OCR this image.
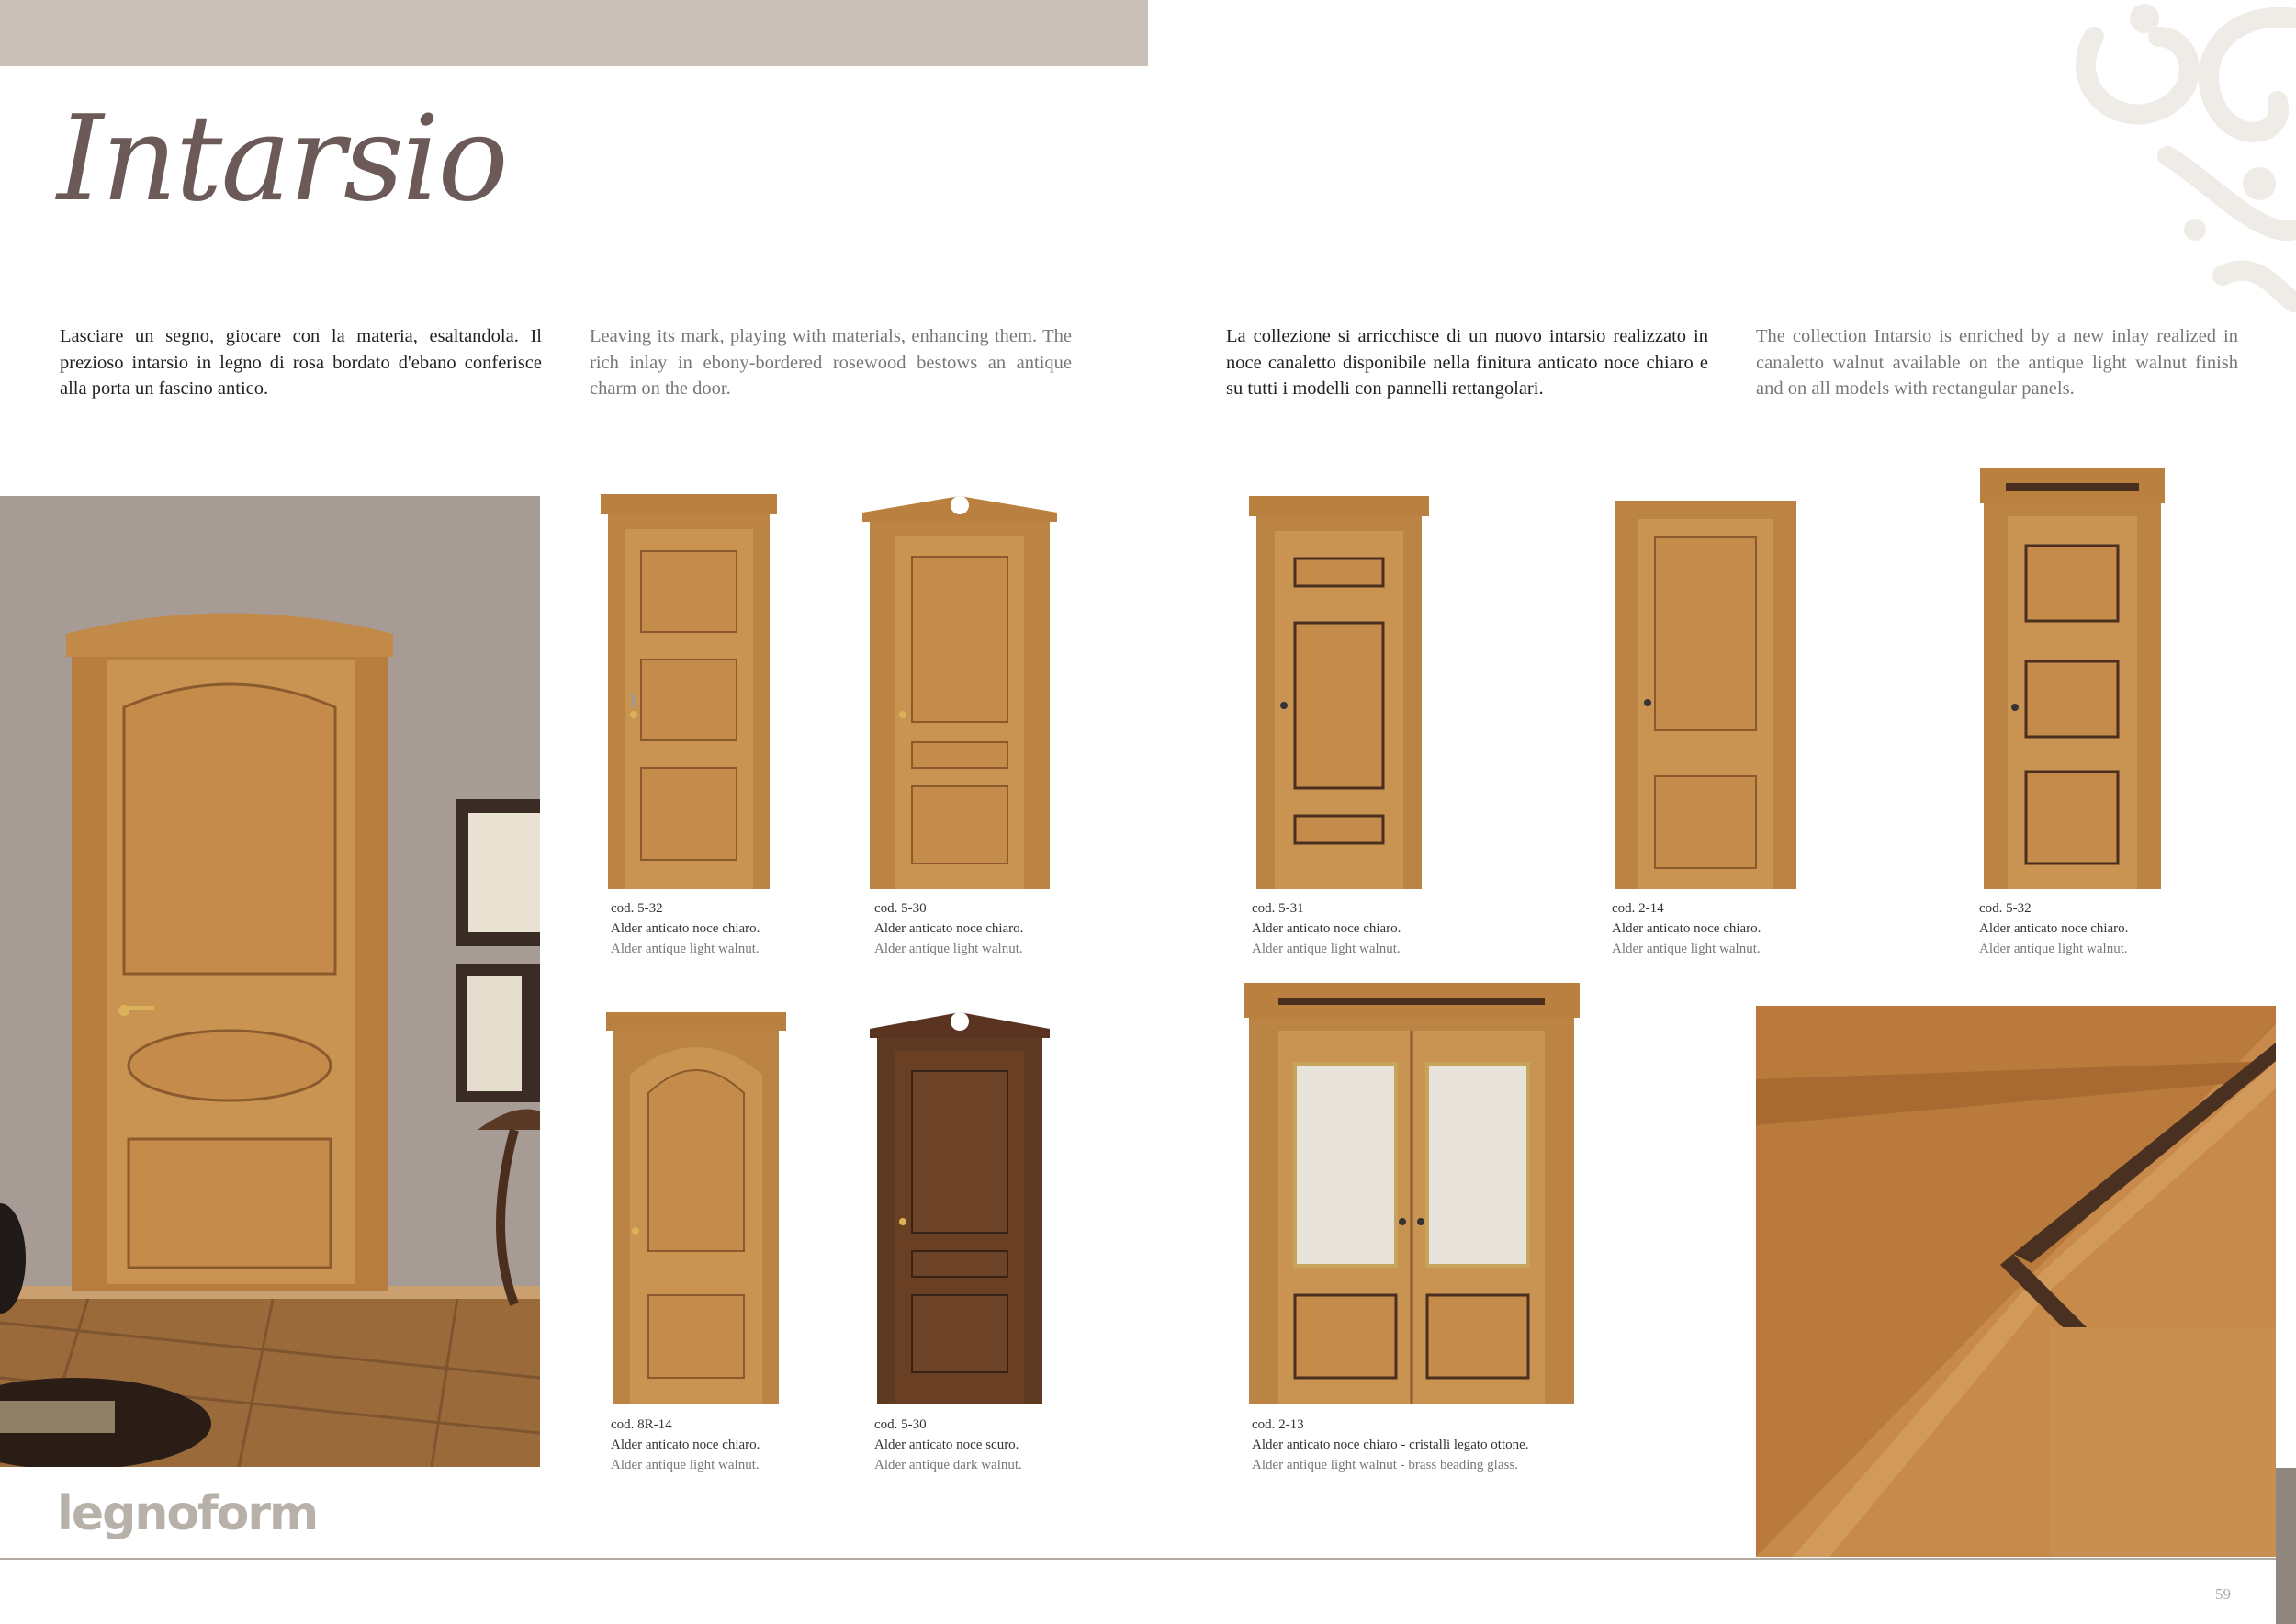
Intarsio
Lasciare un segno, giocare con la materia, esaltandola. Il prezioso intarsio in legno di rosa bordato d'ebano conferisce alla porta un fascino antico.
Leaving its mark, playing with materials, enhancing them. The rich inlay in ebony-bordered rosewood bestows an antique charm on the door.
La collezione si arricchisce di un nuovo intarsio realizzato in noce canaletto disponibile nella finitura anticato noce chiaro e su tutti i modelli con pannelli rettangolari.
The collection Intarsio is enriched by a new inlay realized in canaletto walnut available on the antique light walnut finish and on all models with rectangular panels.
cod. 5-32
Alder anticato noce chiaro.
Alder antique light walnut.
cod. 5-30
Alder anticato noce chiaro.
Alder antique light walnut.
cod. 5-31
Alder anticato noce chiaro.
Alder antique light walnut.
cod. 2-14
Alder anticato noce chiaro.
Alder antique light walnut.
cod. 5-32
Alder anticato noce chiaro.
Alder antique light walnut.
cod. 8R-14
Alder anticato noce chiaro.
Alder antique light walnut.
cod. 5-30
Alder anticato noce scuro.
Alder antique dark walnut.
cod. 2-13
Alder anticato noce chiaro - cristalli legato ottone.
Alder antique light walnut - brass beading glass.
legnoform
59
